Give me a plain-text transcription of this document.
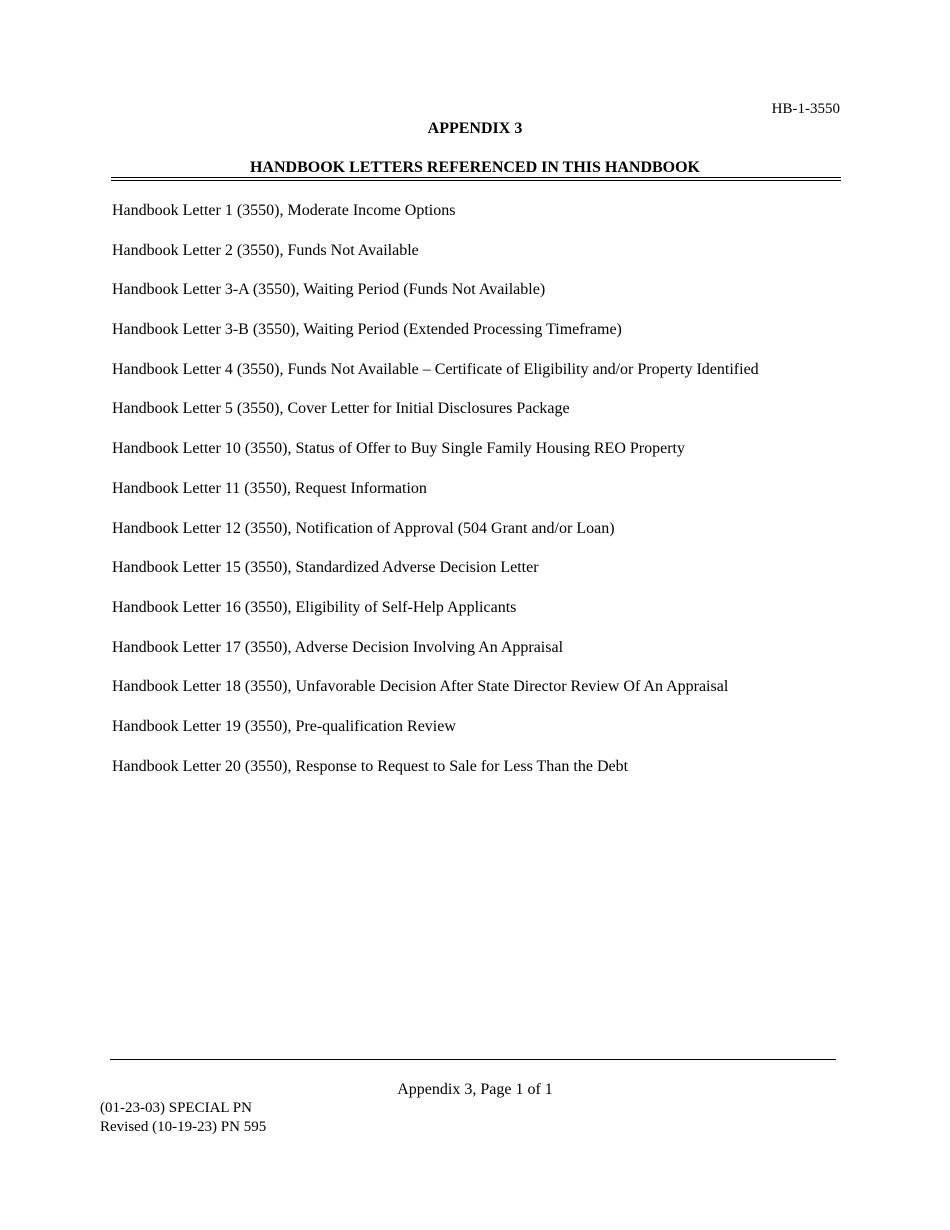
HB-1-3550
APPENDIX 3
HANDBOOK LETTERS REFERENCED IN THIS HANDBOOK
Handbook Letter 1 (3550), Moderate Income Options
Handbook Letter 2 (3550), Funds Not Available
Handbook Letter 3-A (3550), Waiting Period (Funds Not Available)
Handbook Letter 3-B (3550), Waiting Period (Extended Processing Timeframe)
Handbook Letter 4 (3550), Funds Not Available – Certificate of Eligibility and/or Property Identified
Handbook Letter 5 (3550), Cover Letter for Initial Disclosures Package
Handbook Letter 10 (3550), Status of Offer to Buy Single Family Housing REO Property
Handbook Letter 11 (3550), Request Information
Handbook Letter 12 (3550), Notification of Approval (504 Grant and/or Loan)
Handbook Letter 15 (3550), Standardized Adverse Decision Letter
Handbook Letter 16 (3550), Eligibility of Self-Help Applicants
Handbook Letter 17 (3550), Adverse Decision Involving An Appraisal
Handbook Letter 18 (3550), Unfavorable Decision After State Director Review Of An Appraisal
Handbook Letter 19 (3550), Pre-qualification Review
Handbook Letter 20 (3550), Response to Request to Sale for Less Than the Debt
Appendix 3, Page 1 of 1
(01-23-03) SPECIAL PN
Revised (10-19-23) PN 595
